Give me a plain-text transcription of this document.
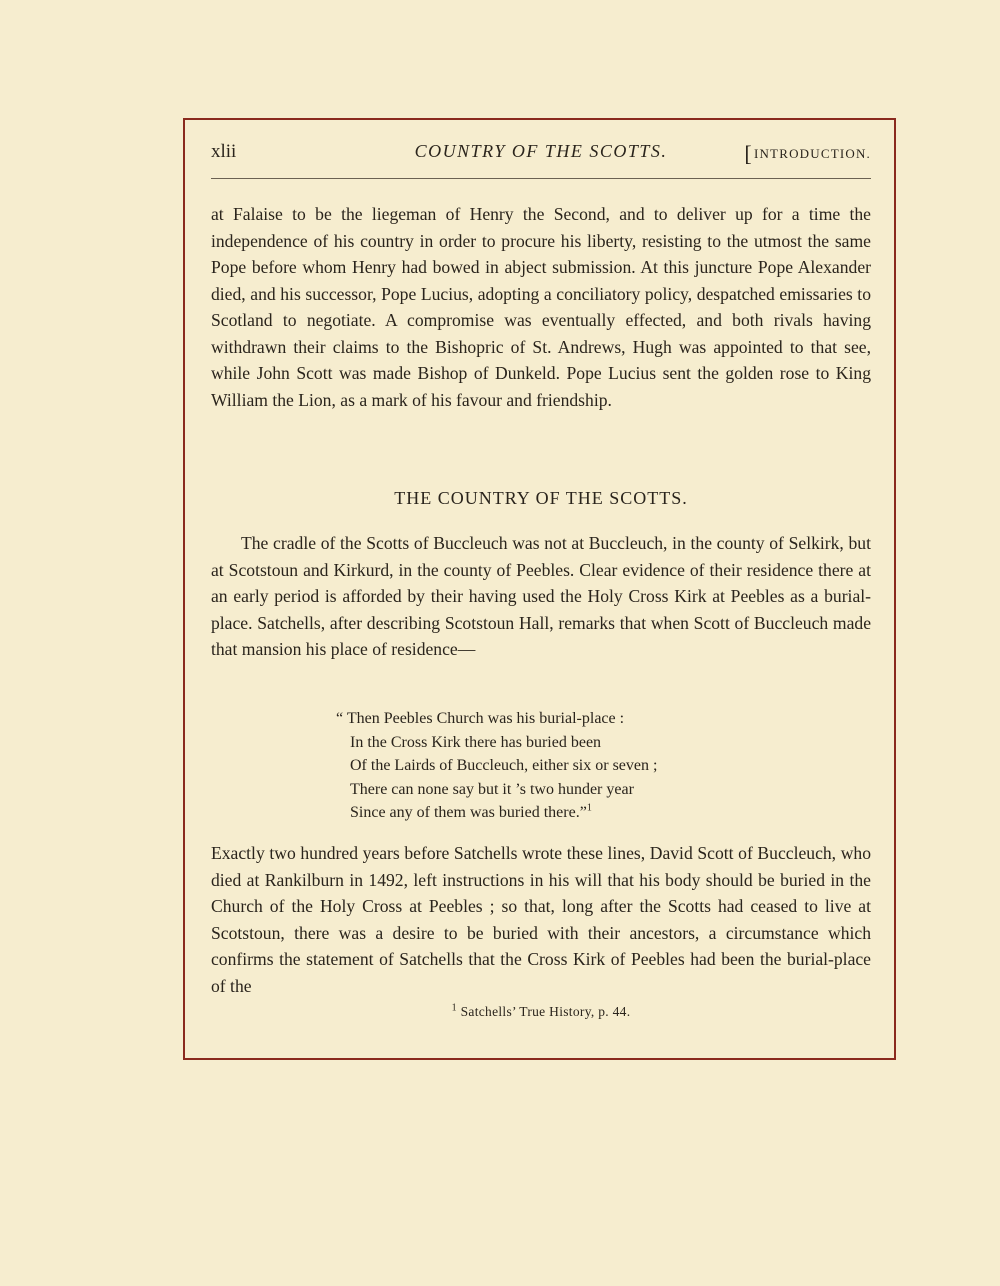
xlii	COUNTRY OF THE SCOTTS.	[INTRODUCTION.

at Falaise to be the liegeman of Henry the Second, and to deliver up for a time the independence of his country in order to procure his liberty, resisting to the utmost the same Pope before whom Henry had bowed in abject submission. At this juncture Pope Alexander died, and his successor, Pope Lucius, adopting a conciliatory policy, despatched emissaries to Scotland to negotiate. A compromise was eventually effected, and both rivals having withdrawn their claims to the Bishopric of St. Andrews, Hugh was appointed to that see, while John Scott was made Bishop of Dunkeld. Pope Lucius sent the golden rose to King William the Lion, as a mark of his favour and friendship.

THE COUNTRY OF THE SCOTTS.

The cradle of the Scotts of Buccleuch was not at Buccleuch, in the county of Selkirk, but at Scotstoun and Kirkurd, in the county of Peebles. Clear evidence of their residence there at an early period is afforded by their having used the Holy Cross Kirk at Peebles as a burial-place. Satchells, after describing Scotstoun Hall, remarks that when Scott of Buccleuch made that mansion his place of residence—

“ Then Peebles Church was his burial-place :
In the Cross Kirk there has buried been
Of the Lairds of Buccleuch, either six or seven ;
There can none say but it ’s two hunder year
Since any of them was buried there.”$^1$

Exactly two hundred years before Satchells wrote these lines, David Scott of Buccleuch, who died at Rankilburn in 1492, left instructions in his will that his body should be buried in the Church of the Holy Cross at Peebles ; so that, long after the Scotts had ceased to live at Scotstoun, there was a desire to be buried with their ancestors, a circumstance which confirms the statement of Satchells that the Cross Kirk of Peebles had been the burial-place of the

$^1$ Satchells’ True History, p. 44.
